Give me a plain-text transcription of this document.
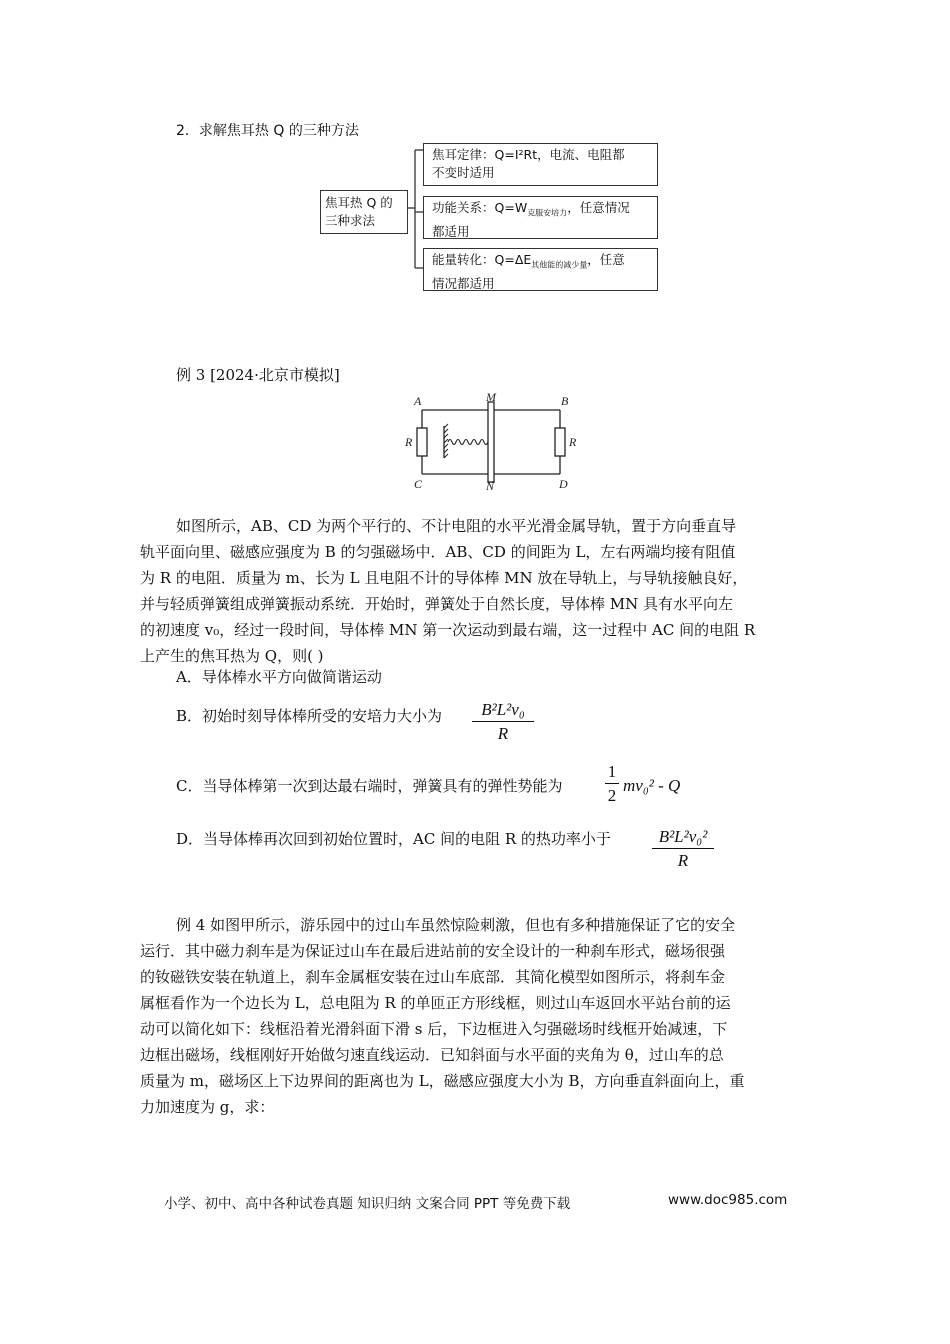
2．求解焦耳热 Q 的三种方法
焦耳热 Q 的
三种求法
焦耳定律：Q=I²Rt，电流、电阻都
不变时适用
功能关系：$Q=W_{克服安培力}$，任意情况
都适用
能量转化：$Q=\Delta E_{其他能的减少量}$，任意
情况都适用
例 3 [2024·北京市模拟]
A	M	B
R	R
C	N	D
如图所示，AB、CD 为两个平行的、不计电阻的水平光滑金属导轨，置于方向垂直导
轨平面向里、磁感应强度为 B 的匀强磁场中．AB、CD 的间距为 L，左右两端均接有阻值
为 R 的电阻．质量为 m、长为 L 且电阻不计的导体棒 MN 放在导轨上，与导轨接触良好，
并与轻质弹簧组成弹簧振动系统．开始时，弹簧处于自然长度，导体棒 MN 具有水平向左
的初速度 v₀，经过一段时间，导体棒 MN 第一次运动到最右端，这一过程中 AC 间的电阻 R
上产生的焦耳热为 Q，则( )
A．导体棒水平方向做简谐运动
B．初始时刻导体棒所受的安培力大小为	B²L²v₀
R
C．当导体棒第一次到达最右端时，弹簧具有的弹性势能为
1
2
mv₀² - Q
D．当导体棒再次回到初始位置时，AC 间的电阻 R 的热功率小于	B²L²v₀²
R
例 4 如图甲所示，游乐园中的过山车虽然惊险刺激，但也有多种措施保证了它的安全
运行．其中磁力刹车是为保证过山车在最后进站前的安全设计的一种刹车形式，磁场很强
的钕磁铁安装在轨道上，刹车金属框安装在过山车底部．其简化模型如图所示，将刹车金
属框看作为一个边长为 L，总电阻为 R 的单匝正方形线框，则过山车返回水平站台前的运
动可以简化如下：线框沿着光滑斜面下滑 s 后，下边框进入匀强磁场时线框开始减速，下
边框出磁场，线框刚好开始做匀速直线运动．已知斜面与水平面的夹角为 θ，过山车的总
质量为 m，磁场区上下边界间的距离也为 L，磁感应强度大小为 B，方向垂直斜面向上，重
力加速度为 g，求：
小学、初中、高中各种试卷真题 知识归纳 文案合同 PPT 等免费下载	www.doc985.com
